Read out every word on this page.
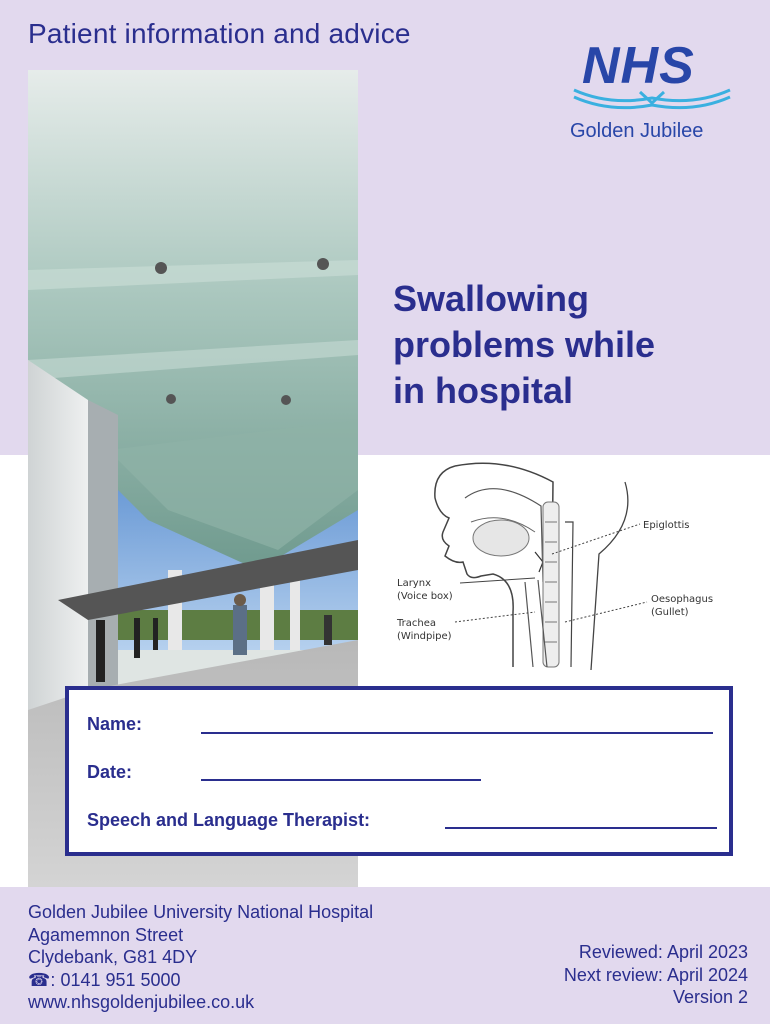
Patient information and advice
NHS
Golden Jubilee
Swallowing
problems while
in hospital
Epiglottis
Larynx
(Voice box)
Trachea
(Windpipe)
Oesophagus
(Gullet)
Name:
Date:
Speech and Language Therapist:
Golden Jubilee University National Hospital
Agamemnon Street
Clydebank, G81 4DY
☎: 0141 951 5000
www.nhsgoldenjubilee.co.uk
Reviewed: April 2023
Next review: April 2024
Version 2
